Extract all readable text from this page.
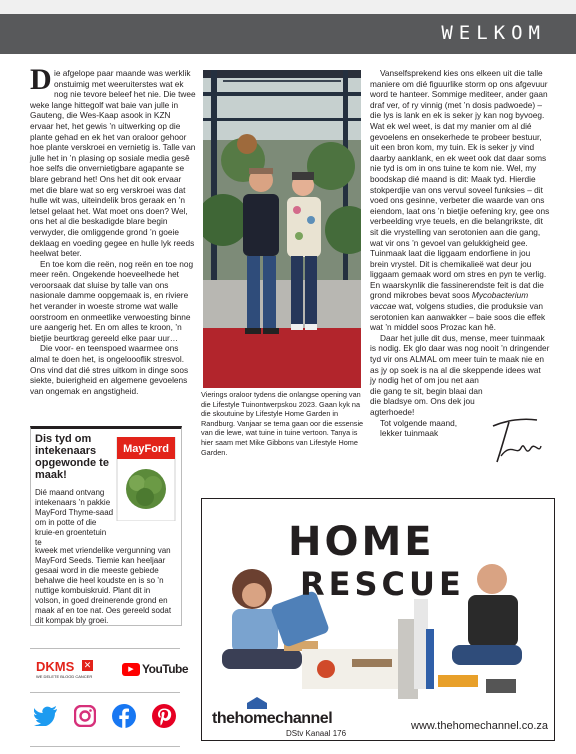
WELKOM
D ie afgelope paar maande was werklik onstuimig met weeruiterstes wat ek nog nie tevore beleef het nie. Die twee weke lange hittegolf wat baie van julle in Gauteng, die Wes-Kaap asook in KZN ervaar het, het gewis ’n uitwerking op die plante gehad en ek het van oraloor gehoor hoe plante verskroei en vernietig is. Talle van julle het in ’n plasing op sosiale media gesê hoe selfs die onvernietigbare agapante se blare gebrand het! Ons het dit ook ervaar met die blare wat so erg verskroei was dat hulle wit was, uiteindelik bros geraak en ’n letsel gelaat het. Wat moet ons doen? Wel, ons het al die beskadigde blare begin verwyder, die omliggende grond ’n goeie deklaag en voeding gegee en hulle lyk reeds heelwat beter.

En toe kom die reën, nog reën en toe nog meer reën. Ongekende hoeveelhede het veroorsaak dat sluise by talle van ons nasionale damme oopgemaak is, en riviere het verander in woeste strome wat walle oorstroom en onmeetlike verwoesting binne ure aangerig het. En om alles te kroon, ’n bietjie beurtkrag gereeld elke paar uur…

Die voor- en teenspoed waarmee ons almal te doen het, is ongeloooflik stresvol. Ons vind dat dié stres uitkom in dinge soos siekte, buierigheid en algemene gevoelens van ongemak en angstigheid.	Vierings oraloor tydens die onlangse opening van die Lifestyle Tuinontwerpskou 2023. Gaan kyk na die skoutuine by Lifestyle Home Garden in Randburg. Vanjaar se tema gaan oor die essensie van die lewe, wat tuine in tuine vertoon. Tanya is hier saam met Mike Gibbons van Lifestyle Home Garden.

Vanselfsprekend kies ons elkeen uit die talle maniere om dié figuurlike storm op ons afgevuur word te hanteer. Sommige mediteer, ander gaan draf ver, of ry vinnig (met ’n dosis padwoede) – die lys is lank en ek is seker jy kan nog byvoeg. Wat ek wel weet, is dat my manier om al dié gevoelens en onsekerhede te probeer bestuur, uit een bron kom, my tuin. Ek is seker jy vind daarby aanklank, en ek weet ook dat daar soms nie tyd is om in ons tuine te kom nie. Wel, my boodskap dié maand is dit: Maak tyd. Hierdie stokperdjie van ons vervul soveel funksies – dit voed ons gesinne, verbeter die waarde van ons eiendom, laat ons ’n bietjie oefening kry, gee ons verbeelding vrye teuels, en die belangrikste, dit sit die vrystelling van serotonien aan die gang, wat vir ons ’n gevoel van gelukkigheid gee. Tuinmaak laat die liggaam endorfiene in jou brein vrystel. Dit is chemikalieë wat deur jou liggaam gemaak word om stres en pyn te verlig. En waarskynlik die fassinerendste feit is dat die grond mikrobes bevat soos Mycobacterium vaccae wat, volgens studies, die produksie van serotonien kan aanwakker – baie soos die effek wat ’n middel soos Prozac kan hê.

Daar het julle dit dus, mense, meer tuinmaak is nodig. Ek glo daar was nog nooit ’n dringender tyd vir ons ALMAL om meer tuin te maak nie en as jy op soek is na al die skeppende idees wat

jy nodig het of om jou net aan die gang te sit, begin blaai dan die bladsye om. Ons dek jou agterhoede!

Tot volgende maand,

lekker tuinmaak

Dis tyd om intekenaars opgewonde te maak!
MayFord
Dié maand ontvang intekenaars ’n pakkie MayFord Thyme-saad om in potte of die kruie-en groentetuin te
kweek met vriendelike vergunning van MayFord Seeds. Tiemie kan heeljaar gesaai word in die meeste gebiede behalwe die heel koudste en is so ’n nuttige kombuiskruid. Plant dit in volson, in goed dreinerende grond en maak af en toe nat. Oes gereeld sodat dit kompak bly groei.
DKMS ✕
WE DELETE BLOOD CANCER
▶ YouTube
HOME
RESCUE
thehomechannel
DStv Kanaal 176
www.thehomechannel.co.za
